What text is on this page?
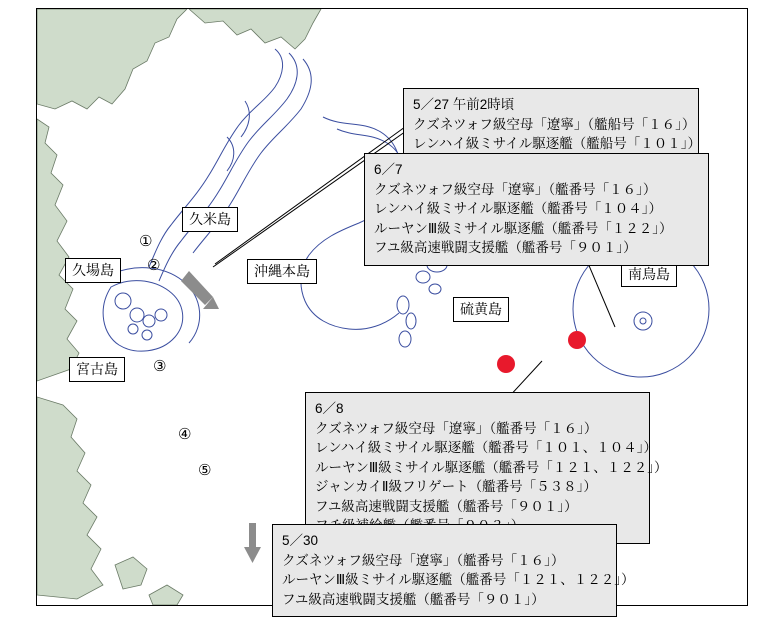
久米島
久場島	沖縄本島
宮古島
硫黄島
南鳥島
①
②
③
④
⑤
5／27 午前2時頃
クズネツォフ級空母「遼寧」（艦船号「１６」）
レンハイ級ミサイル駆逐艦（艦船号「１０１」）
6／7
クズネツォフ級空母「遼寧」（艦番号「１６」）
レンハイ級ミサイル駆逐艦（艦番号「１０４」）
ルーヤンⅢ級ミサイル駆逐艦（艦番号「１２２」）
フユ級高速戦闘支援艦（艦番号「９０１」）
6／8
クズネツォフ級空母「遼寧」（艦番号「１６」）
レンハイ級ミサイル駆逐艦（艦番号「１０１、１０４」）
ルーヤンⅢ級ミサイル駆逐艦（艦番号「１２１、１２２」）
ジャンカイⅡ級フリゲート（艦番号「５３８」）
フユ級高速戦闘支援艦（艦番号「９０１」）
5／30
クズネツォフ級空母「遼寧」（艦番号「１６」）
ルーヤンⅢ級ミサイル駆逐艦（艦番号「１２１、１２２」）
フユ級高速戦闘支援艦（艦番号「９０１」）
